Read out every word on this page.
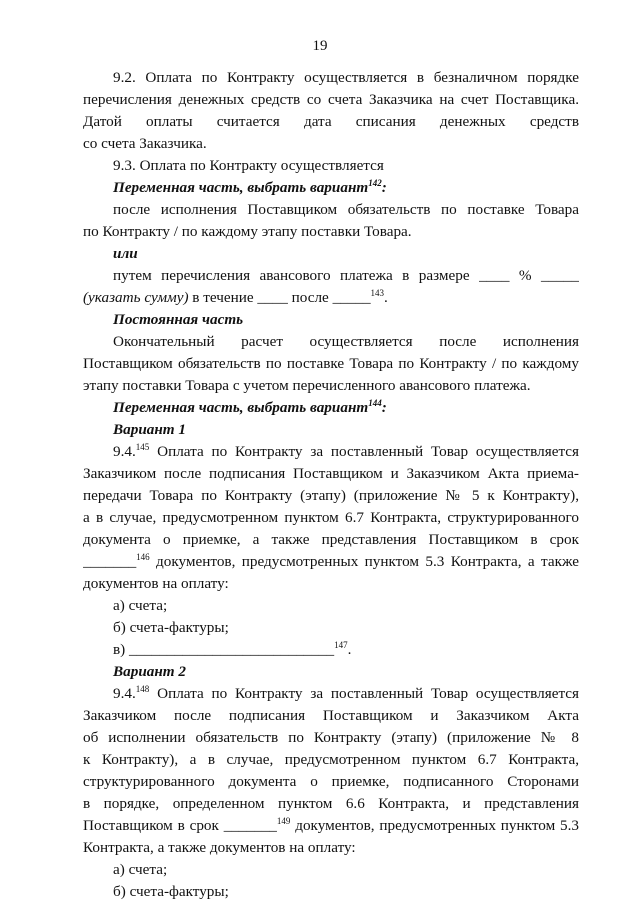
19
9.2. Оплата по Контракту осуществляется в безналичном порядке
перечисления денежных средств со счета Заказчика на счет Поставщика.
Датой оплаты считается дата списания денежных средств
со счета Заказчика.
9.3. Оплата по Контракту осуществляется
Переменная часть, выбрать вариант$^{142}$:
после исполнения Поставщиком обязательств по поставке Товара
по Контракту / по каждому этапу поставки Товара.
или
путем перечисления авансового платежа в размере ____ % _____
(указать сумму) в течение ____ после _____$^{143}$.
Постоянная часть
Окончательный расчет осуществляется после исполнения
Поставщиком обязательств по поставке Товара по Контракту / по каждому
этапу поставки Товара с учетом перечисленного авансового платежа.
Переменная часть, выбрать вариант$^{144}$:
Вариант 1
9.4.$^{145}$ Оплата по Контракту за поставленный Товар осуществляется
Заказчиком после подписания Поставщиком и Заказчиком Акта приема-
передачи Товара по Контракту (этапу) (приложение № 5 к Контракту),
а в случае, предусмотренном пунктом 6.7 Контракта, структурированного
документа о приемке, а также представления Поставщиком в срок
_______$^{146}$ документов, предусмотренных пунктом 5.3 Контракта, а также
документов на оплату:
а) счета;
б) счета-фактуры;
в) ___________________________$^{147}$.
Вариант 2
9.4.$^{148}$ Оплата по Контракту за поставленный Товар осуществляется
Заказчиком после подписания Поставщиком и Заказчиком Акта
об исполнении обязательств по Контракту (этапу) (приложение № 8
к Контракту), а в случае, предусмотренном пунктом 6.7 Контракта,
структурированного документа о приемке, подписанного Сторонами
в порядке, определенном пунктом 6.6 Контракта, и представления
Поставщиком в срок _______$^{149}$ документов, предусмотренных пунктом 5.3
Контракта, а также документов на оплату:
а) счета;
б) счета-фактуры;
